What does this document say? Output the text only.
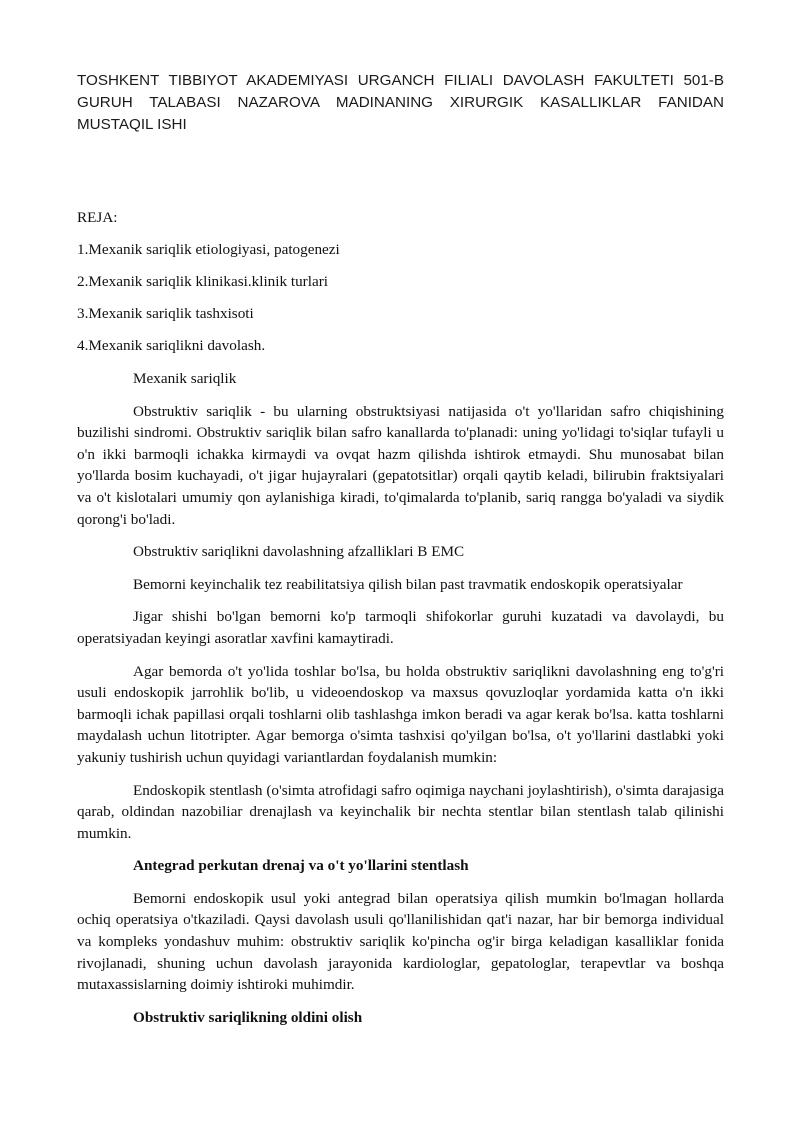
TOSHKENT TIBBIYOT AKADEMIYASI URGANCH FILIALI DAVOLASH FAKULTETI 501-B GURUH TALABASI NAZAROVA MADINANING XIRURGIK KASALLIKLAR FANIDAN MUSTAQIL ISHI

REJA:

1.Mexanik sariqlik etiologiyasi, patogenezi
2.Mexanik sariqlik klinikasi.klinik turlari
3.Mexanik sariqlik tashxisoti
4.Mexanik sariqlikni davolash.

Mexanik sariqlik

Obstruktiv sariqlik - bu ularning obstruktsiyasi natijasida o't yo'llaridan safro chiqishining buzilishi sindromi. Obstruktiv sariqlik bilan safro kanallarda to'planadi: uning yo'lidagi to'siqlar tufayli u o'n ikki barmoqli ichakka kirmaydi va ovqat hazm qilishda ishtirok etmaydi. Shu munosabat bilan yo'llarda bosim kuchayadi, o't jigar hujayralari (gepatotsitlar) orqali qaytib keladi, bilirubin fraktsiyalari va o't kislotalari umumiy qon aylanishiga kiradi, to'qimalarda to'planib, sariq rangga bo'yaladi va siydik qorong'i bo'ladi.

Obstruktiv sariqlikni davolashning afzalliklari B EMC

Bemorni keyinchalik tez reabilitatsiya qilish bilan past travmatik endoskopik operatsiyalar

Jigar shishi bo'lgan bemorni ko'p tarmoqli shifokorlar guruhi kuzatadi va davolaydi, bu operatsiyadan keyingi asoratlar xavfini kamaytiradi.

Agar bemorda o't yo'lida toshlar bo'lsa, bu holda obstruktiv sariqlikni davolashning eng to'g'ri usuli endoskopik jarrohlik bo'lib, u videoendoskop va maxsus qovuzloqlar yordamida katta o'n ikki barmoqli ichak papillasi orqali toshlarni olib tashlashga imkon beradi va agar kerak bo'lsa. katta toshlarni maydalash uchun litotripter. Agar bemorga o'simta tashxisi qo'yilgan bo'lsa, o't yo'llarini dastlabki yoki yakuniy tushirish uchun quyidagi variantlardan foydalanish mumkin:

Endoskopik stentlash (o'simta atrofidagi safro oqimiga naychani joylashtirish), o'simta darajasiga qarab, oldindan nazobiliar drenajlash va keyinchalik bir nechta stentlar bilan stentlash talab qilinishi mumkin.

Antegrad perkutan drenaj va o't yo'llarini stentlash

Bemorni endoskopik usul yoki antegrad bilan operatsiya qilish mumkin bo'lmagan hollarda ochiq operatsiya o'tkaziladi. Qaysi davolash usuli qo'llanilishidan qat'i nazar, har bir bemorga individual va kompleks yondashuv muhim: obstruktiv sariqlik ko'pincha og'ir birga keladigan kasalliklar fonida rivojlanadi, shuning uchun davolash jarayonida kardiologlar, gepatologlar, terapevtlar va boshqa mutaxassislarning doimiy ishtiroki muhimdir.

Obstruktiv sariqlikning oldini olish
